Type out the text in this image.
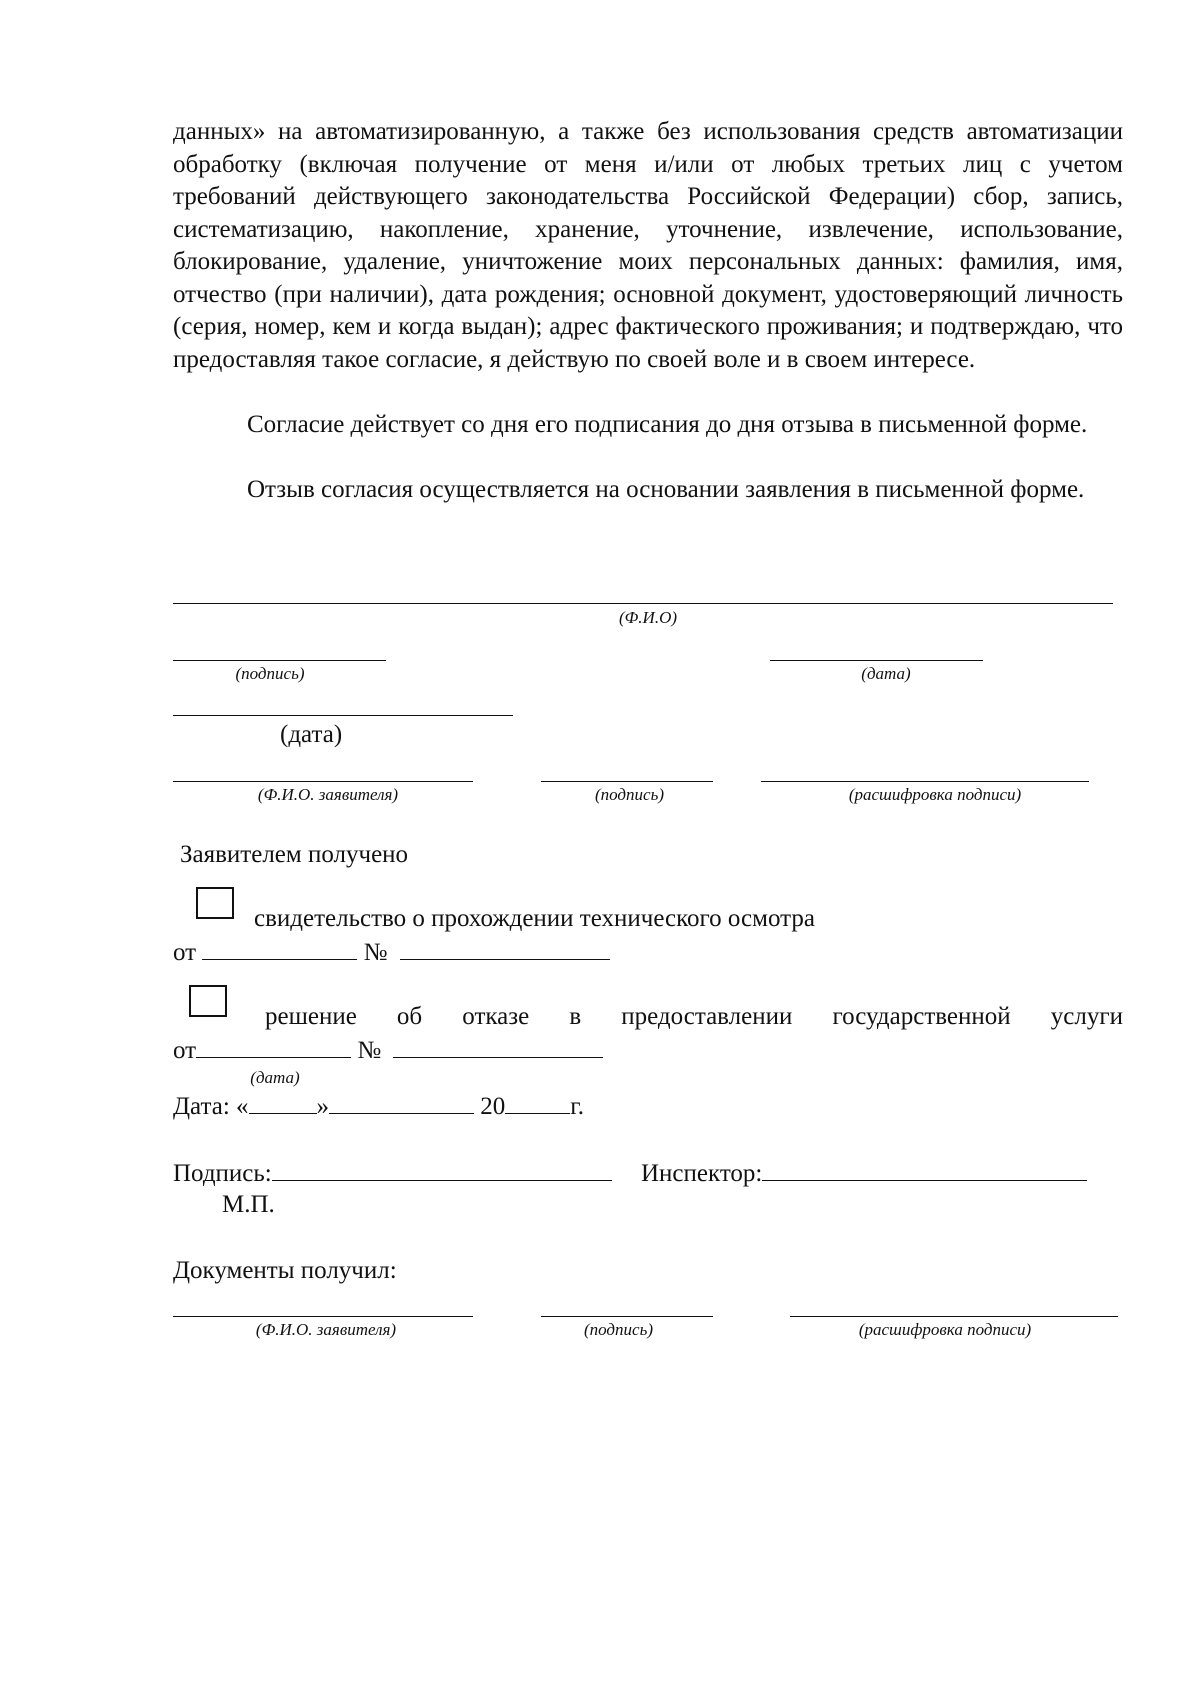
данных» на автоматизированную, а также без использования средств автоматизации обработку (включая получение от меня и/или от любых третьих лиц с учетом требований действующего законодательства Российской Федерации) сбор, запись, систематизацию, накопление, хранение, уточнение, извлечение, использование, блокирование, удаление, уничтожение моих персональных данных: фамилия, имя, отчество (при наличии), дата рождения; основной документ, удостоверяющий личность (серия, номер, кем и когда выдан); адрес фактического проживания; и подтверждаю, что предоставляя такое согласие, я действую по своей воле и в своем интересе.
Согласие действует со дня его подписания до дня отзыва в письменной форме.
Отзыв согласия осуществляется на основании заявления в письменной форме.
(Ф.И.О)
(подпись)	(дата)
(дата)
(Ф.И.О. заявителя)	(подпись)	(расшифровка подписи)
Заявителем получено
свидетельство о прохождении технического осмотра
от	№
решение об отказе в предоставлении государственной услуги
от	№
(дата)
Дата: «	»	20	г.
Подпись:	Инспектор:
М.П.
Документы получил:
(Ф.И.О. заявителя)	(подпись)	(расшифровка подписи)
